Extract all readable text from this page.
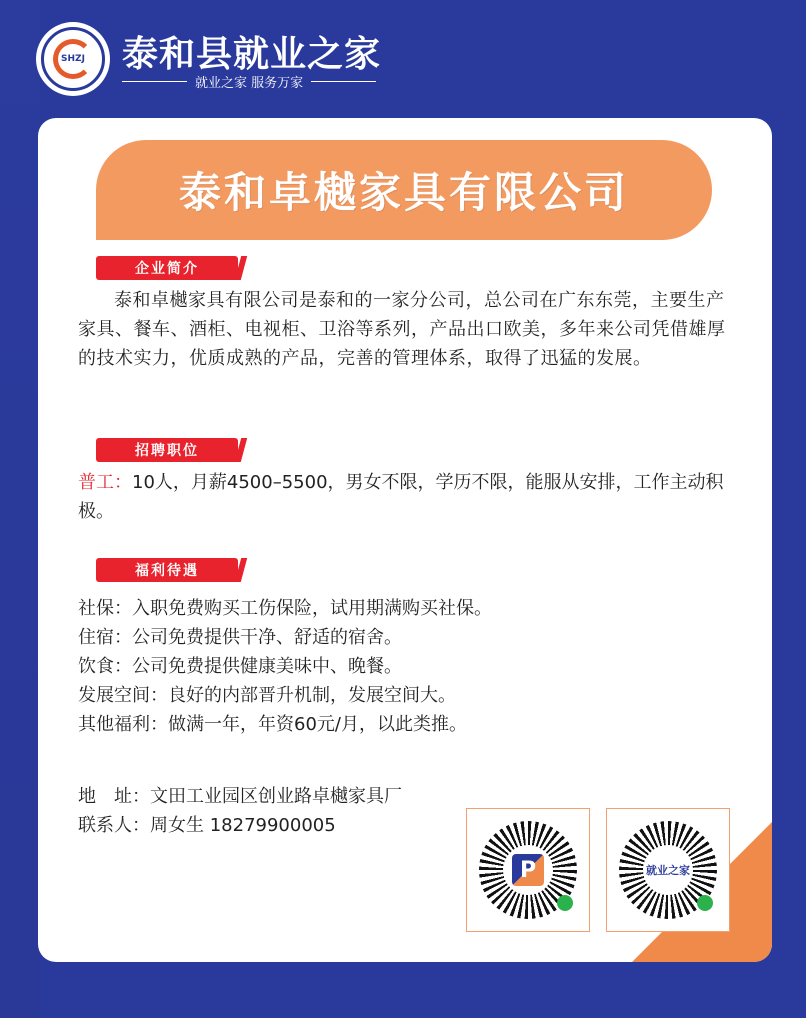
SHZJ 泰和县就业之家
就业之家 服务万家
泰和卓樾家具有限公司
企业简介

泰和卓樾家具有限公司是泰和的一家分公司，总公司在广东东莞，主要生产家具、餐车、酒柜、电视柜、卫浴等系列，产品出口欧美，多年来公司凭借雄厚的技术实力，优质成熟的产品，完善的管理体系，取得了迅猛的发展。

招聘职位

普工：10人，月薪4500–5500，男女不限，学历不限，能服从安排，工作主动积极。

福利待遇
社保：入职免费购买工伤保险，试用期满购买社保。
住宿：公司免费提供干净、舒适的宿舍。
饮食：公司免费提供健康美味中、晚餐。
发展空间：良好的内部晋升机制，发展空间大。
其他福利：做满一年，年资60元/月，以此类推。
地　址：文田工业园区创业路卓樾家具厂
联系人：周女生 18279900005
P	就业之家
